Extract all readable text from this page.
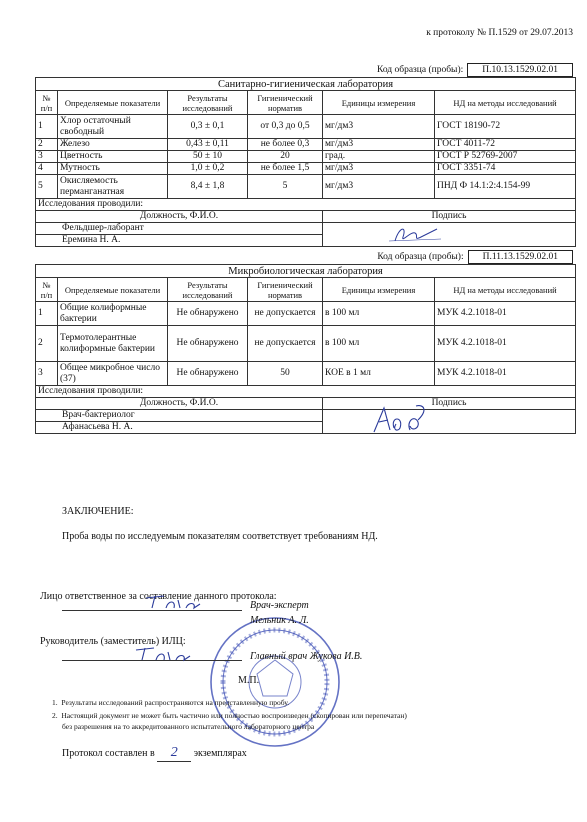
к протоколу № П.1529 от 29.07.2013
Код образца (пробы):	П.10.13.1529.02.01
Санитарно-гигиеническая лаборатория					
№ п/п	Определяемые показатели	Результаты исследований	Гигиенический норматив	Единицы измерения	НД на методы исследований
1	Хлор остаточный свободный	0,3 ± 0,1	от 0,3 до 0,5	мг/дм3	ГОСТ 18190-72
2	Железо	0,43 ± 0,11	не более 0,3	мг/дм3	ГОСТ 4011-72
3	Цветность	50 ± 10	20	град.	ГОСТ Р 52769-2007
4	Мутность	1,0 ± 0,2	не более 1,5	мг/дм3	ГОСТ 3351-74
5	Окисляемость перманганатная	8,4 ± 1,8	5	мг/дм3	ПНД Ф 14.1:2:4.154-99
Исследования проводили:					
Должность, Ф.И.О.				Подпись	
Фельдшер-лаборант	

Еремина Н. А.					
Код образца (пробы):	П.11.13.1529.02.01
Микробиологическая лаборатория					
№ п/п	Определяемые показатели	Результаты исследований	Гигиенический норматив	Единицы измерения	НД на методы исследований
1	Общие колиформные бактерии	Не обнаружено	не допускается	в 100 мл	МУК 4.2.1018-01
2	Термотолерантные колиформные бактерии	Не обнаружено	не допускается	в 100 мл	МУК 4.2.1018-01
3	Общее микробное число (37)	Не обнаружено	50	КОЕ в 1 мл	МУК 4.2.1018-01
Исследования проводили:					
Должность, Ф.И.О.				Подпись	
Врач-бактериолог	

Афанасьева Н. А.					
ЗАКЛЮЧЕНИЕ:
Проба воды по исследуемым показателям соответствует требованиям НД.
Лицо ответственное за составление данного протокола:
Врач-эксперт
Мельник А. Л.
Руководитель (заместитель) ИЛЦ:
Главный врач Жукова И.В.
М.П.
1.  Результаты исследований распространяются на представленную пробу.
2.  Настоящий документ не может быть частично или полностью воспроизведен (скопирован или перепечатан)
без разрешения на то аккредитованного испытательного лабораторного центра
Протокол составлен в 2 экземплярах
